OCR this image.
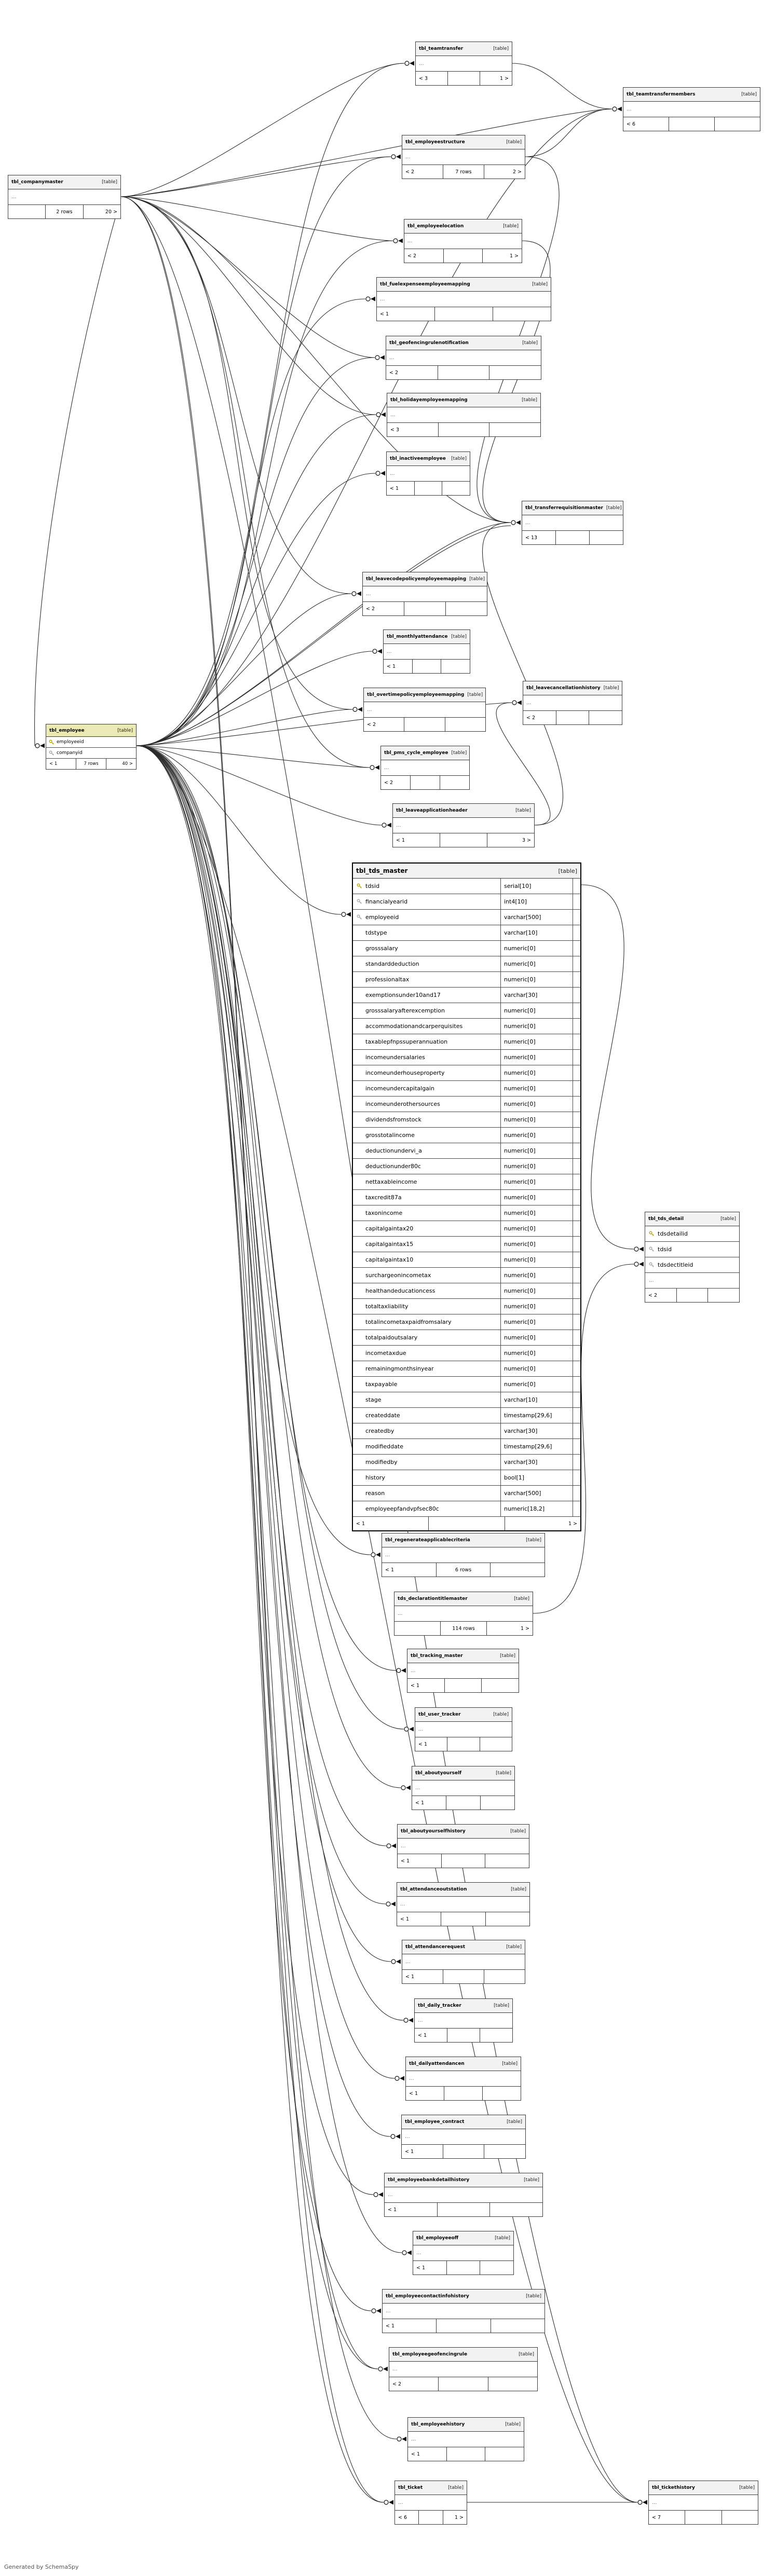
Generated by SchemaSpy
tbl_companymaster	[table]
...
2 rows	20 >
tbl_teamtransfer	[table]
...
< 3	1 >
tbl_teamtransfermembers	[table]
...
< 6
tbl_employeestructure	[table]
...
< 2	7 rows	2 >
tbl_employeelocation	[table]
...
< 2	1 >
tbl_fuelexpenseemployeemapping	[table]
...
< 1
tbl_geofencingrulenotification	[table]
...
< 2
tbl_holidayemployeemapping	[table]
...
< 3
tbl_inactiveemployee [table]
...
< 1
tbl_transferrequisitionmaster [table]
...
< 13
tbl_leavecodepolicyemployeemapping [table]
...
< 2
tbl_monthlyattendance [table]
...
< 1
tbl_overtimepolicyemployeemapping [table]
...
< 2
tbl_leavecancellationhistory [table]
...
< 2
tbl_pms_cycle_employee [table]
...
< 2
tbl_leaveapplicationheader	[table]
...
< 1	3 >
tbl_tds_master	[table]
tdsid	serial[10]
financialyearid	int4[10]
employeeid	varchar[500]
tdstype	varchar[10]
grosssalary	numeric[0]
standarddeduction	numeric[0]
professionaltax	numeric[0]
exemptionsunder10and17	varchar[30]
grosssalaryafterexcemption	numeric[0]
accommodationandcarperquisites	numeric[0]
taxablepfnpssuperannuation	numeric[0]
incomeundersalaries	numeric[0]
incomeunderhouseproperty	numeric[0]
incomeundercapitalgain	numeric[0]
incomeunderothersources	numeric[0]
dividendsfromstock	numeric[0]
grosstotalincome	numeric[0]
deductionundervi_a	numeric[0]
deductionunder80c	numeric[0]
nettaxableincome	numeric[0]
taxcredit87a	numeric[0]
taxonincome	numeric[0]
capitalgaintax20	numeric[0]
capitalgaintax15	numeric[0]
capitalgaintax10	numeric[0]
surchargeonincometax	numeric[0]
healthandeducationcess	numeric[0]
totaltaxliability	numeric[0]
totalincometaxpaidfromsalary	numeric[0]
totalpaidoutsalary	numeric[0]
incometaxdue	numeric[0]
remainingmonthsinyear	numeric[0]
taxpayable	numeric[0]
stage	varchar[10]
createddate	timestamp[29,6]
createdby	varchar[30]
modifieddate	timestamp[29,6]
modifiedby	varchar[30]
history	bool[1]
reason	varchar[500]
employeepfandvpfsec80c	numeric[18,2]
< 1	1 >
tbl_tds_detail	[table]
tdsdetailid
tdsid
tdsdectitleid
...
< 2
tbl_regenerateapplicablecriteria	[table]
...
< 1	6 rows
tds_declarationtitlemaster	[table]
...
114 rows	1 >
tbl_tracking_master	[table]
...
< 1
tbl_user_tracker	[table]
...
< 1
tbl_aboutyourself	[table]
...
< 1
tbl_aboutyourselfhistory	[table]
...
< 1
tbl_attendanceoutstation	[table]
...
< 1
tbl_attendancerequest	[table]
...
< 1
tbl_daily_tracker	[table]
...
< 1
tbl_dailyattendancen	[table]
...
< 1
tbl_employee_contract	[table]
...
< 1
tbl_employeebankdetailhistory	[table]
...
< 1
tbl_employeeoff	[table]
...
< 1
tbl_employeecontactinfohistory	[table]
...
< 1
tbl_employeegeofencingrule	[table]
...
< 2
tbl_employeehistory	[table]
...
< 1
tbl_employee	[table]
employeeid
companyid
< 1	7 rows	40 >
tbl_ticket	[table]
...
< 6	1 >
tbl_tickethistory	[table]
...
< 7
